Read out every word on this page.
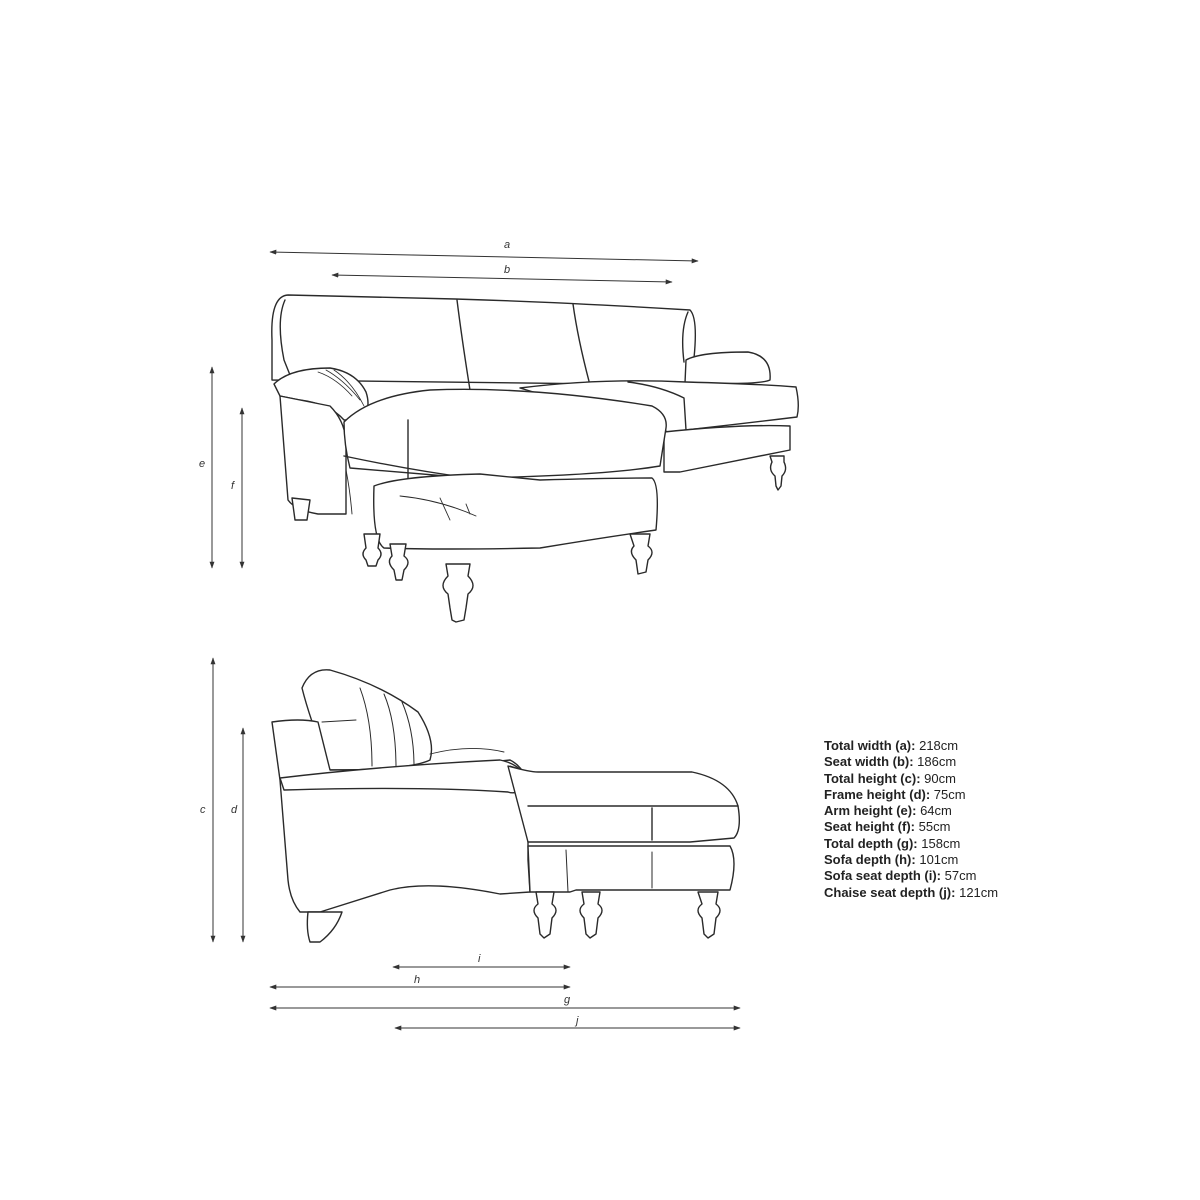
a
b
e
f
c d
i
h
g
j
Total width (a): 218cm
Seat width (b): 186cm
Total height (c): 90cm
Frame height (d): 75cm
Arm height (e): 64cm
Seat height (f): 55cm
Total depth (g): 158cm
Sofa depth (h): 101cm
Sofa seat depth (i): 57cm
Chaise seat depth (j): 121cm
